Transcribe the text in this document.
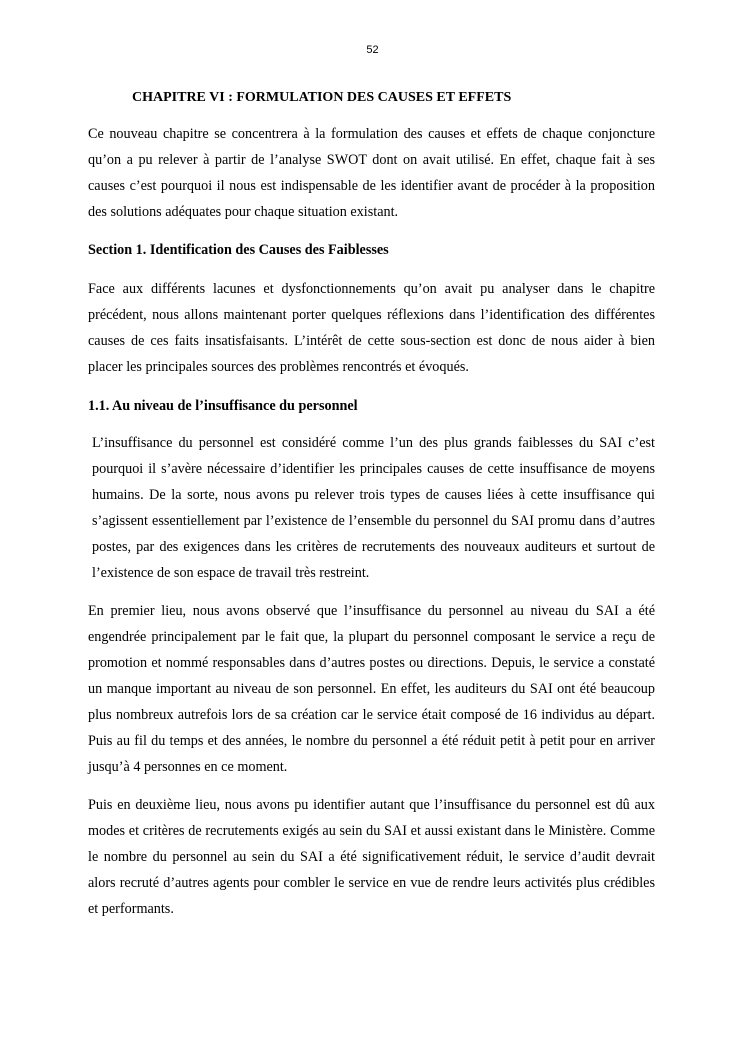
52
CHAPITRE VI : FORMULATION DES CAUSES ET EFFETS
Ce nouveau chapitre se concentrera à la formulation des causes et effets de chaque conjoncture qu’on a pu relever à partir de l’analyse SWOT dont on avait utilisé. En effet, chaque fait à ses causes c’est pourquoi il nous est indispensable de les identifier avant de procéder à la proposition des solutions adéquates pour chaque situation existant.
Section 1. Identification des Causes des Faiblesses
Face aux différents lacunes et dysfonctionnements qu’on avait pu analyser dans le chapitre précédent, nous allons maintenant porter quelques réflexions dans l’identification des différentes causes de ces faits insatisfaisants. L’intérêt de cette sous-section est donc de nous aider à bien placer les principales sources des problèmes rencontrés et évoqués.
1.1. Au niveau de l’insuffisance du personnel
L’insuffisance du personnel est considéré comme l’un des plus grands faiblesses du SAI c’est pourquoi il s’avère nécessaire d’identifier les principales causes de cette insuffisance de moyens humains. De la sorte, nous avons pu relever trois types de causes liées à cette insuffisance qui s’agissent essentiellement par l’existence de l’ensemble du personnel du SAI promu dans d’autres postes, par des exigences dans les critères de recrutements des nouveaux auditeurs et surtout de l’existence de son espace de travail très restreint.
En premier lieu, nous avons observé que l’insuffisance du personnel au niveau du SAI a été engendrée principalement par le fait que, la plupart du personnel composant le service a reçu de promotion et nommé responsables dans d’autres postes ou directions. Depuis, le service a constaté un manque important au niveau de son personnel. En effet, les auditeurs du SAI ont été beaucoup plus nombreux autrefois lors de sa création car le service était composé de 16 individus au départ. Puis au fil du temps et des années, le nombre du personnel a été réduit petit à petit pour en arriver jusqu’à 4 personnes en ce moment.
Puis en deuxième lieu, nous avons pu identifier autant que l’insuffisance du personnel est dû aux modes et critères de recrutements exigés au sein du SAI et aussi existant dans le Ministère. Comme le nombre du personnel au sein du SAI a été significativement réduit, le service d’audit devrait alors recruté d’autres agents pour combler le service en vue de rendre leurs activités plus crédibles et performants.
